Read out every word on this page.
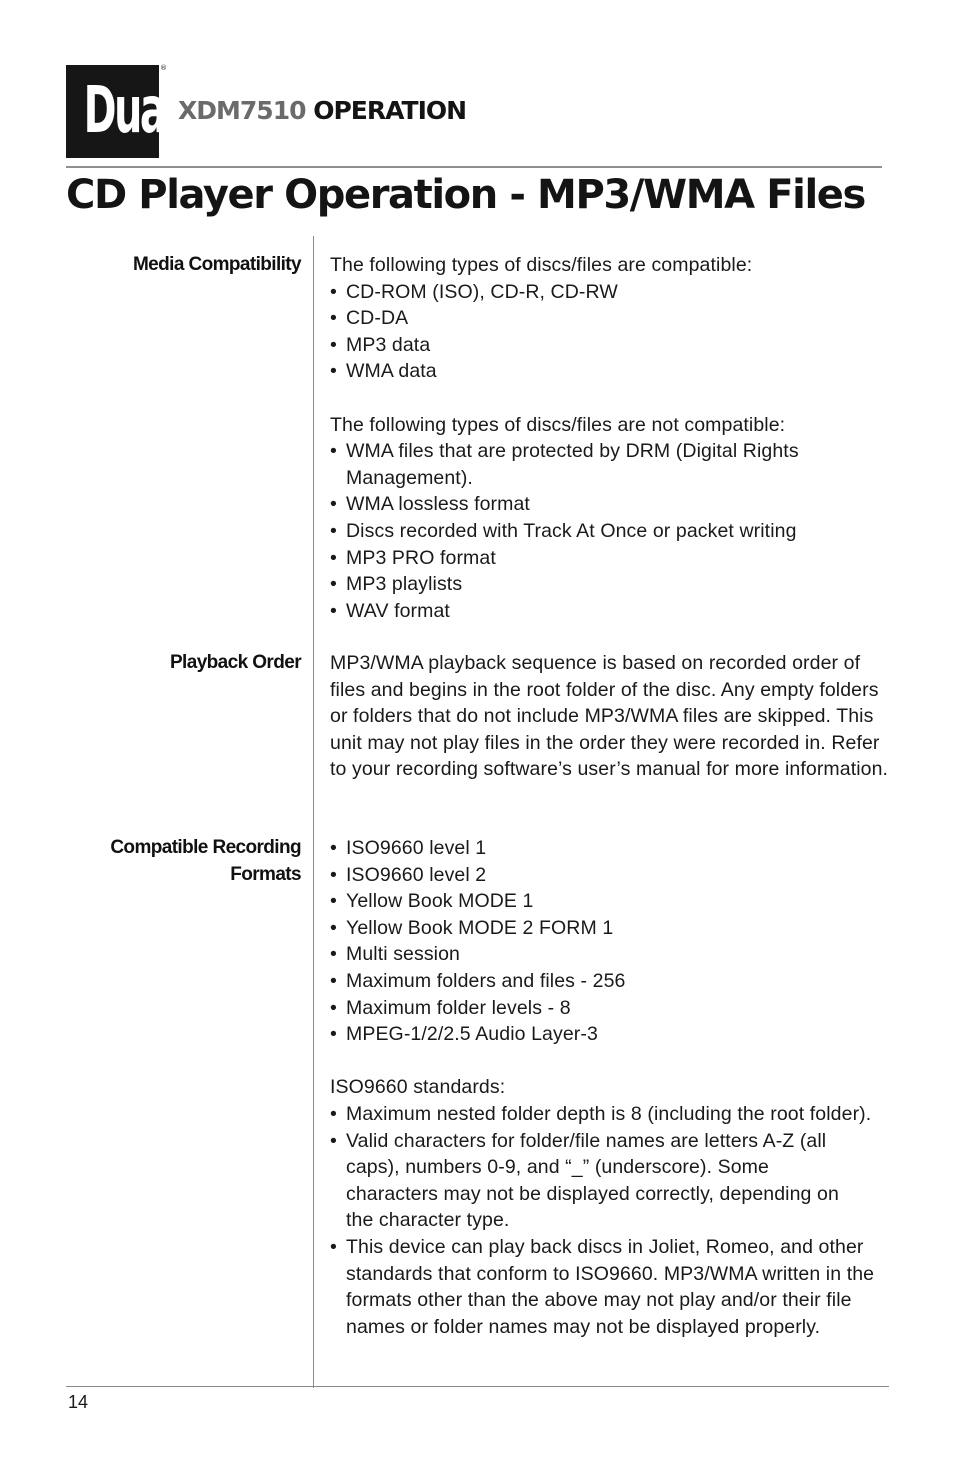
Dual
®
XDM7510 OPERATION
CD Player Operation - MP3/WMA Files
Media Compatibility The following types of discs/files are compatible:

• CD-ROM (ISO), CD-R, CD-RW
• CD-DA
• MP3 data
• WMA data

The following types of discs/files are not compatible:

• WMA files that are protected by DRM (Digital Rights Management).
• WMA lossless format
• Discs recorded with Track At Once or packet writing
• MP3 PRO format
• MP3 playlists
• WAV format
Playback Order MP3/WMA playback sequence is based on recorded order of files and begins in the root folder of the disc. Any empty folders or folders that do not include MP3/WMA files are skipped. This unit may not play files in the order they were recorded in. Refer to your recording software’s user’s manual for more information.

Compatible Recording
Formats
• ISO9660 level 1
• ISO9660 level 2
• Yellow Book MODE 1
• Yellow Book MODE 2 FORM 1
• Multi session
• Maximum folders and files - 256
• Maximum folder levels - 8
• MPEG-1/2/2.5 Audio Layer-3

ISO9660 standards:

• Maximum nested folder depth is 8 (including the root folder).
• Valid characters for folder/file names are letters A-Z (all caps), numbers 0-9, and “_” (underscore). Some characters may not be displayed correctly, depending on the character type.
• This device can play back discs in Joliet, Romeo, and other standards that conform to ISO9660. MP3/WMA written in the formats other than the above may not play and/or their file names or folder names may not be displayed properly.
14
